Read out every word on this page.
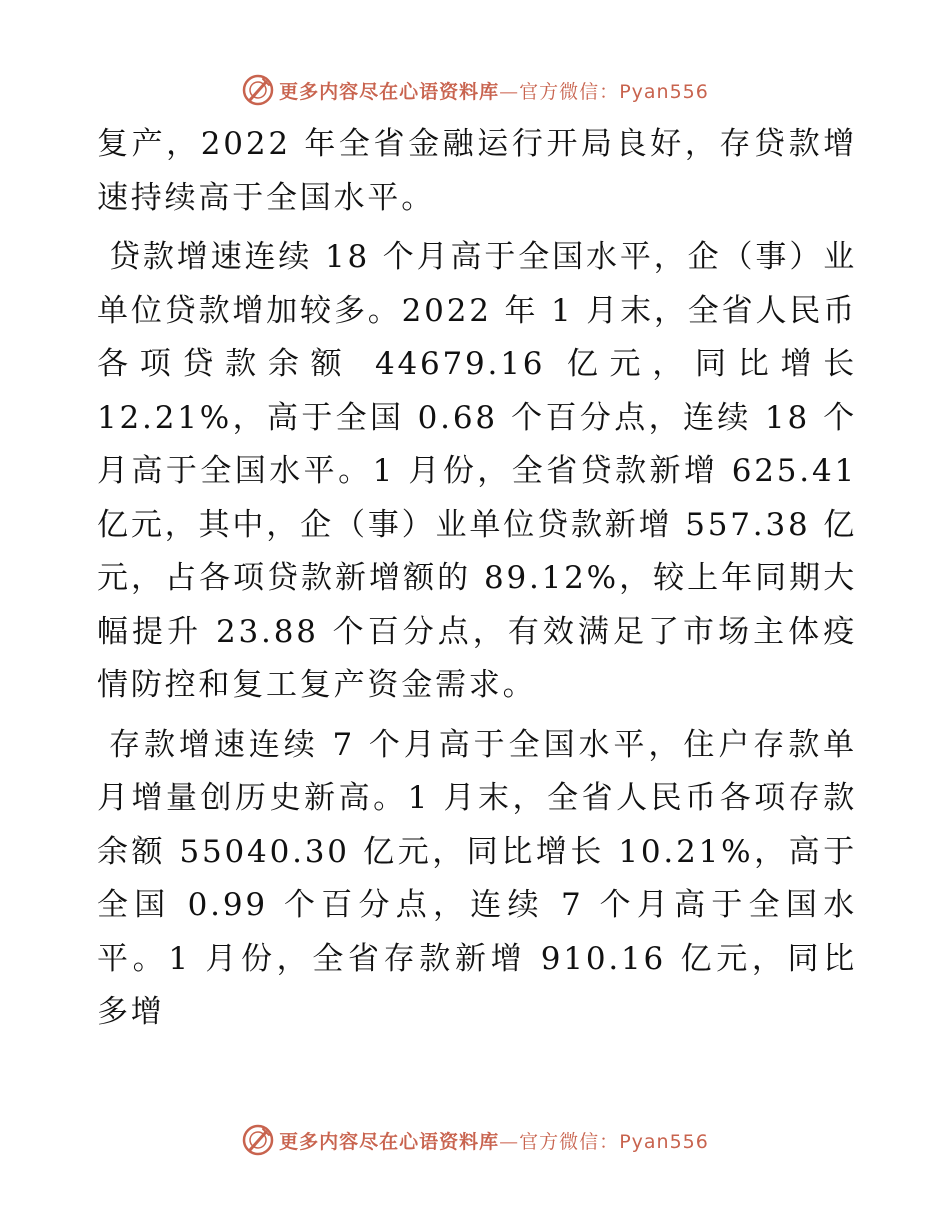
更多内容尽在心语资料库—官方微信：Pyan556

复产，2022 年全省金融运行开局良好，存贷款增速持续高于全国水平。

贷款增速连续 18 个月高于全国水平，企（事）业单位贷款增加较多。2022 年 1 月末，全省人民币各项贷款余额 44679.16 亿元，同比增长 12.21%，高于全国 0.68 个百分点，连续 18 个月高于全国水平。1 月份，全省贷款新增 625.41 亿元，其中，企（事）业单位贷款新增 557.38 亿元，占各项贷款新增额的 89.12%，较上年同期大幅提升 23.88 个百分点，有效满足了市场主体疫情防控和复工复产资金需求。

存款增速连续 7 个月高于全国水平，住户存款单月增量创历史新高。1 月末，全省人民币各项存款余额 55040.30 亿元，同比增长 10.21%，高于全国 0.99 个百分点，连续 7 个月高于全国水平。1 月份，全省存款新增 910.16 亿元，同比多增

更多内容尽在心语资料库—官方微信：Pyan556
